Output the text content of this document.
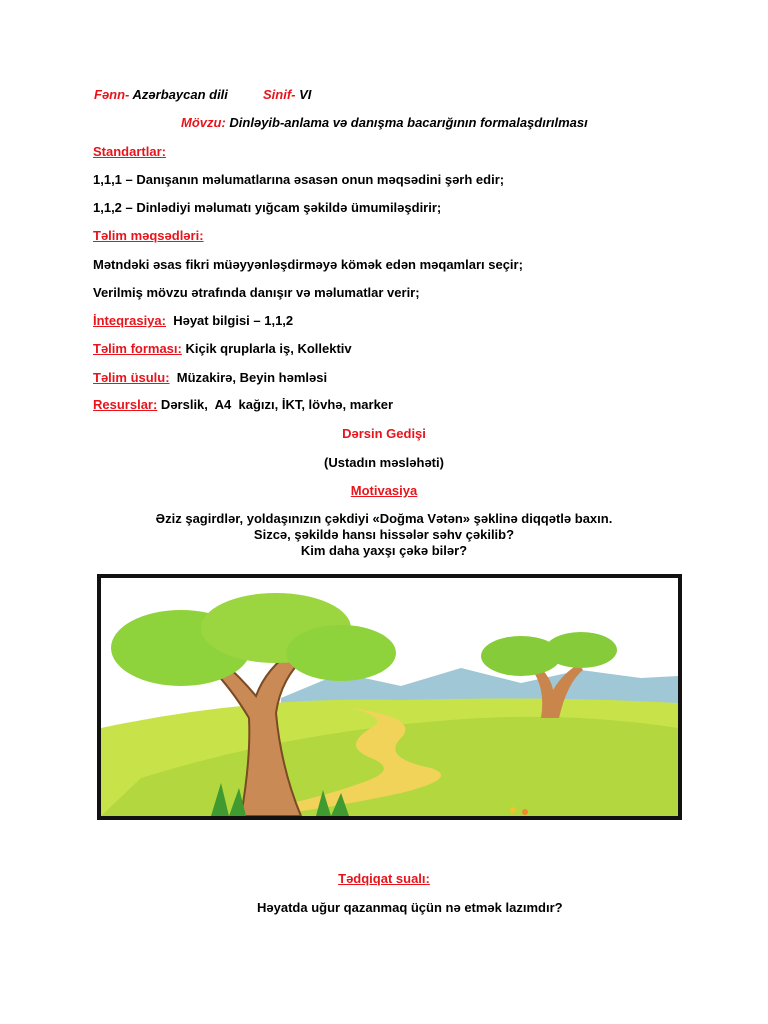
Fənn- Azərbaycan dili	Sinif- VI
Mövzu: Dinləyib-anlama və danışma bacarığının formalaşdırılması
Standartlar:
1,1,1 – Danışanın məlumatlarına əsasən onun məqsədini şərh edir;
1,1,2 – Dinlədiyi məlumatı yığcam şəkildə ümumiləşdirir;
Təlim məqsədləri:
Mətndəki əsas fikri müəyyənləşdirməyə kömək edən məqamları seçir;
Verilmiş mövzu ətrafında danışır və məlumatlar verir;
İnteqrasiya:  Həyat bilgisi – 1,1,2
Təlim forması: Kiçik qruplarla iş, Kollektiv
Təlim üsulu:  Müzakirə, Beyin həmləsi
Resurslar: Dərslik,  A4  kağızı, İKT, lövhə, marker
Dərsin Gedişi
(Ustadın məsləhəti)
Motivasiya
Əziz şagirdlər, yoldaşınızın çəkdiyi «Doğma Vətən» şəklinə diqqətlə baxın.
Sizcə, şəkildə hansı hissələr səhv çəkilib?
Kim daha yaxşı çəkə bilər?
Tədqiqat sualı:
Həyatda uğur qazanmaq üçün nə etmək lazımdır?
